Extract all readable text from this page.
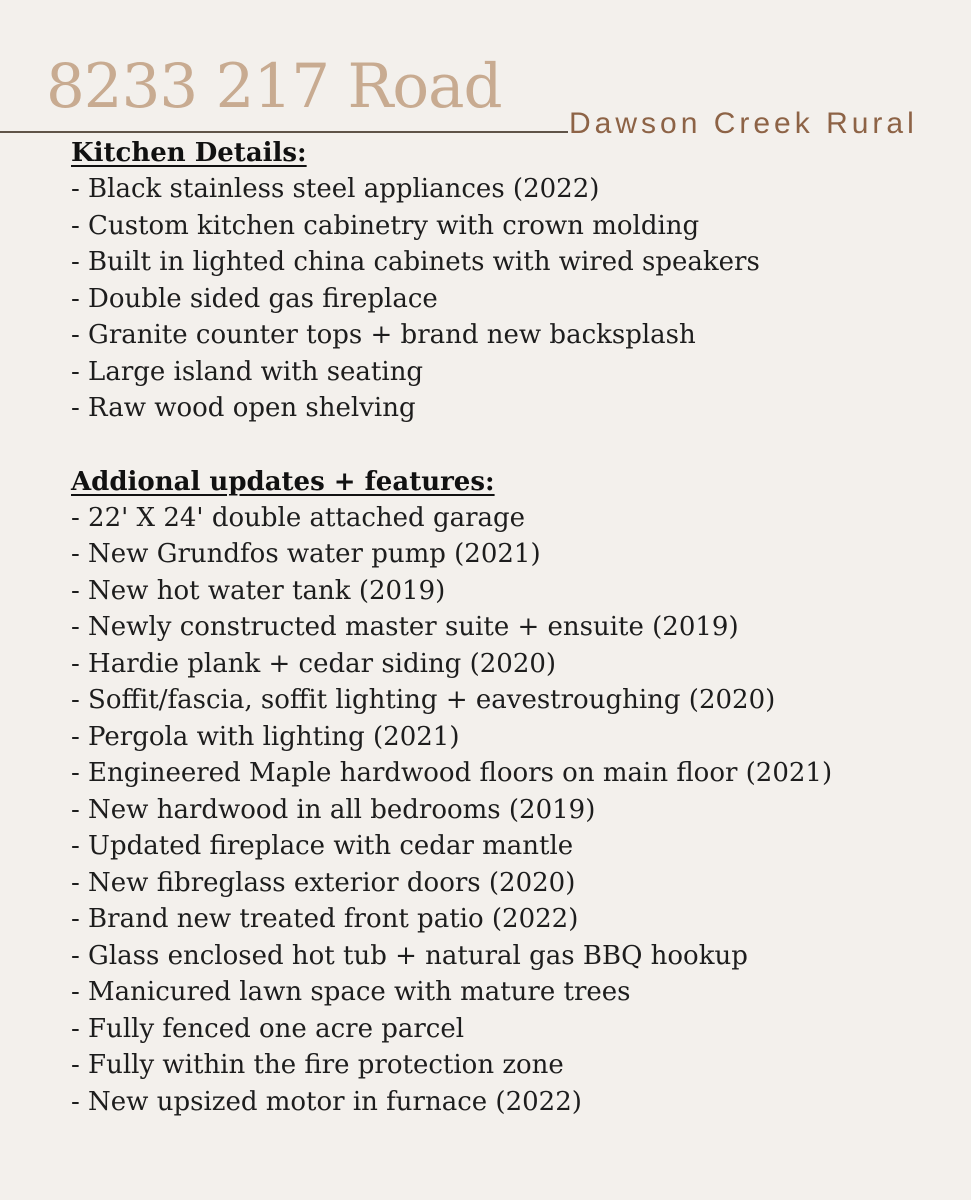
8233 217 Road
Dawson Creek Rural
Kitchen Details:
- Black stainless steel appliances (2022)
- Custom kitchen cabinetry with crown molding
- Built in lighted china cabinets with wired speakers
- Double sided gas fireplace
- Granite counter tops + brand new backsplash
- Large island with seating
- Raw wood open shelving
Addional updates + features:
- 22' X 24' double attached garage
- New Grundfos water pump (2021)
- New hot water tank (2019)
- Newly constructed master suite + ensuite (2019)
- Hardie plank + cedar siding (2020)
- Soffit/fascia, soffit lighting + eavestroughing (2020)
- Pergola with lighting (2021)
- Engineered Maple hardwood floors on main floor (2021)
- New hardwood in all bedrooms (2019)
- Updated fireplace with cedar mantle
- New fibreglass exterior doors (2020)
- Brand new treated front patio (2022)
- Glass enclosed hot tub + natural gas BBQ hookup
- Manicured lawn space with mature trees
- Fully fenced one acre parcel
- Fully within the fire protection zone
- New upsized motor in furnace (2022)
